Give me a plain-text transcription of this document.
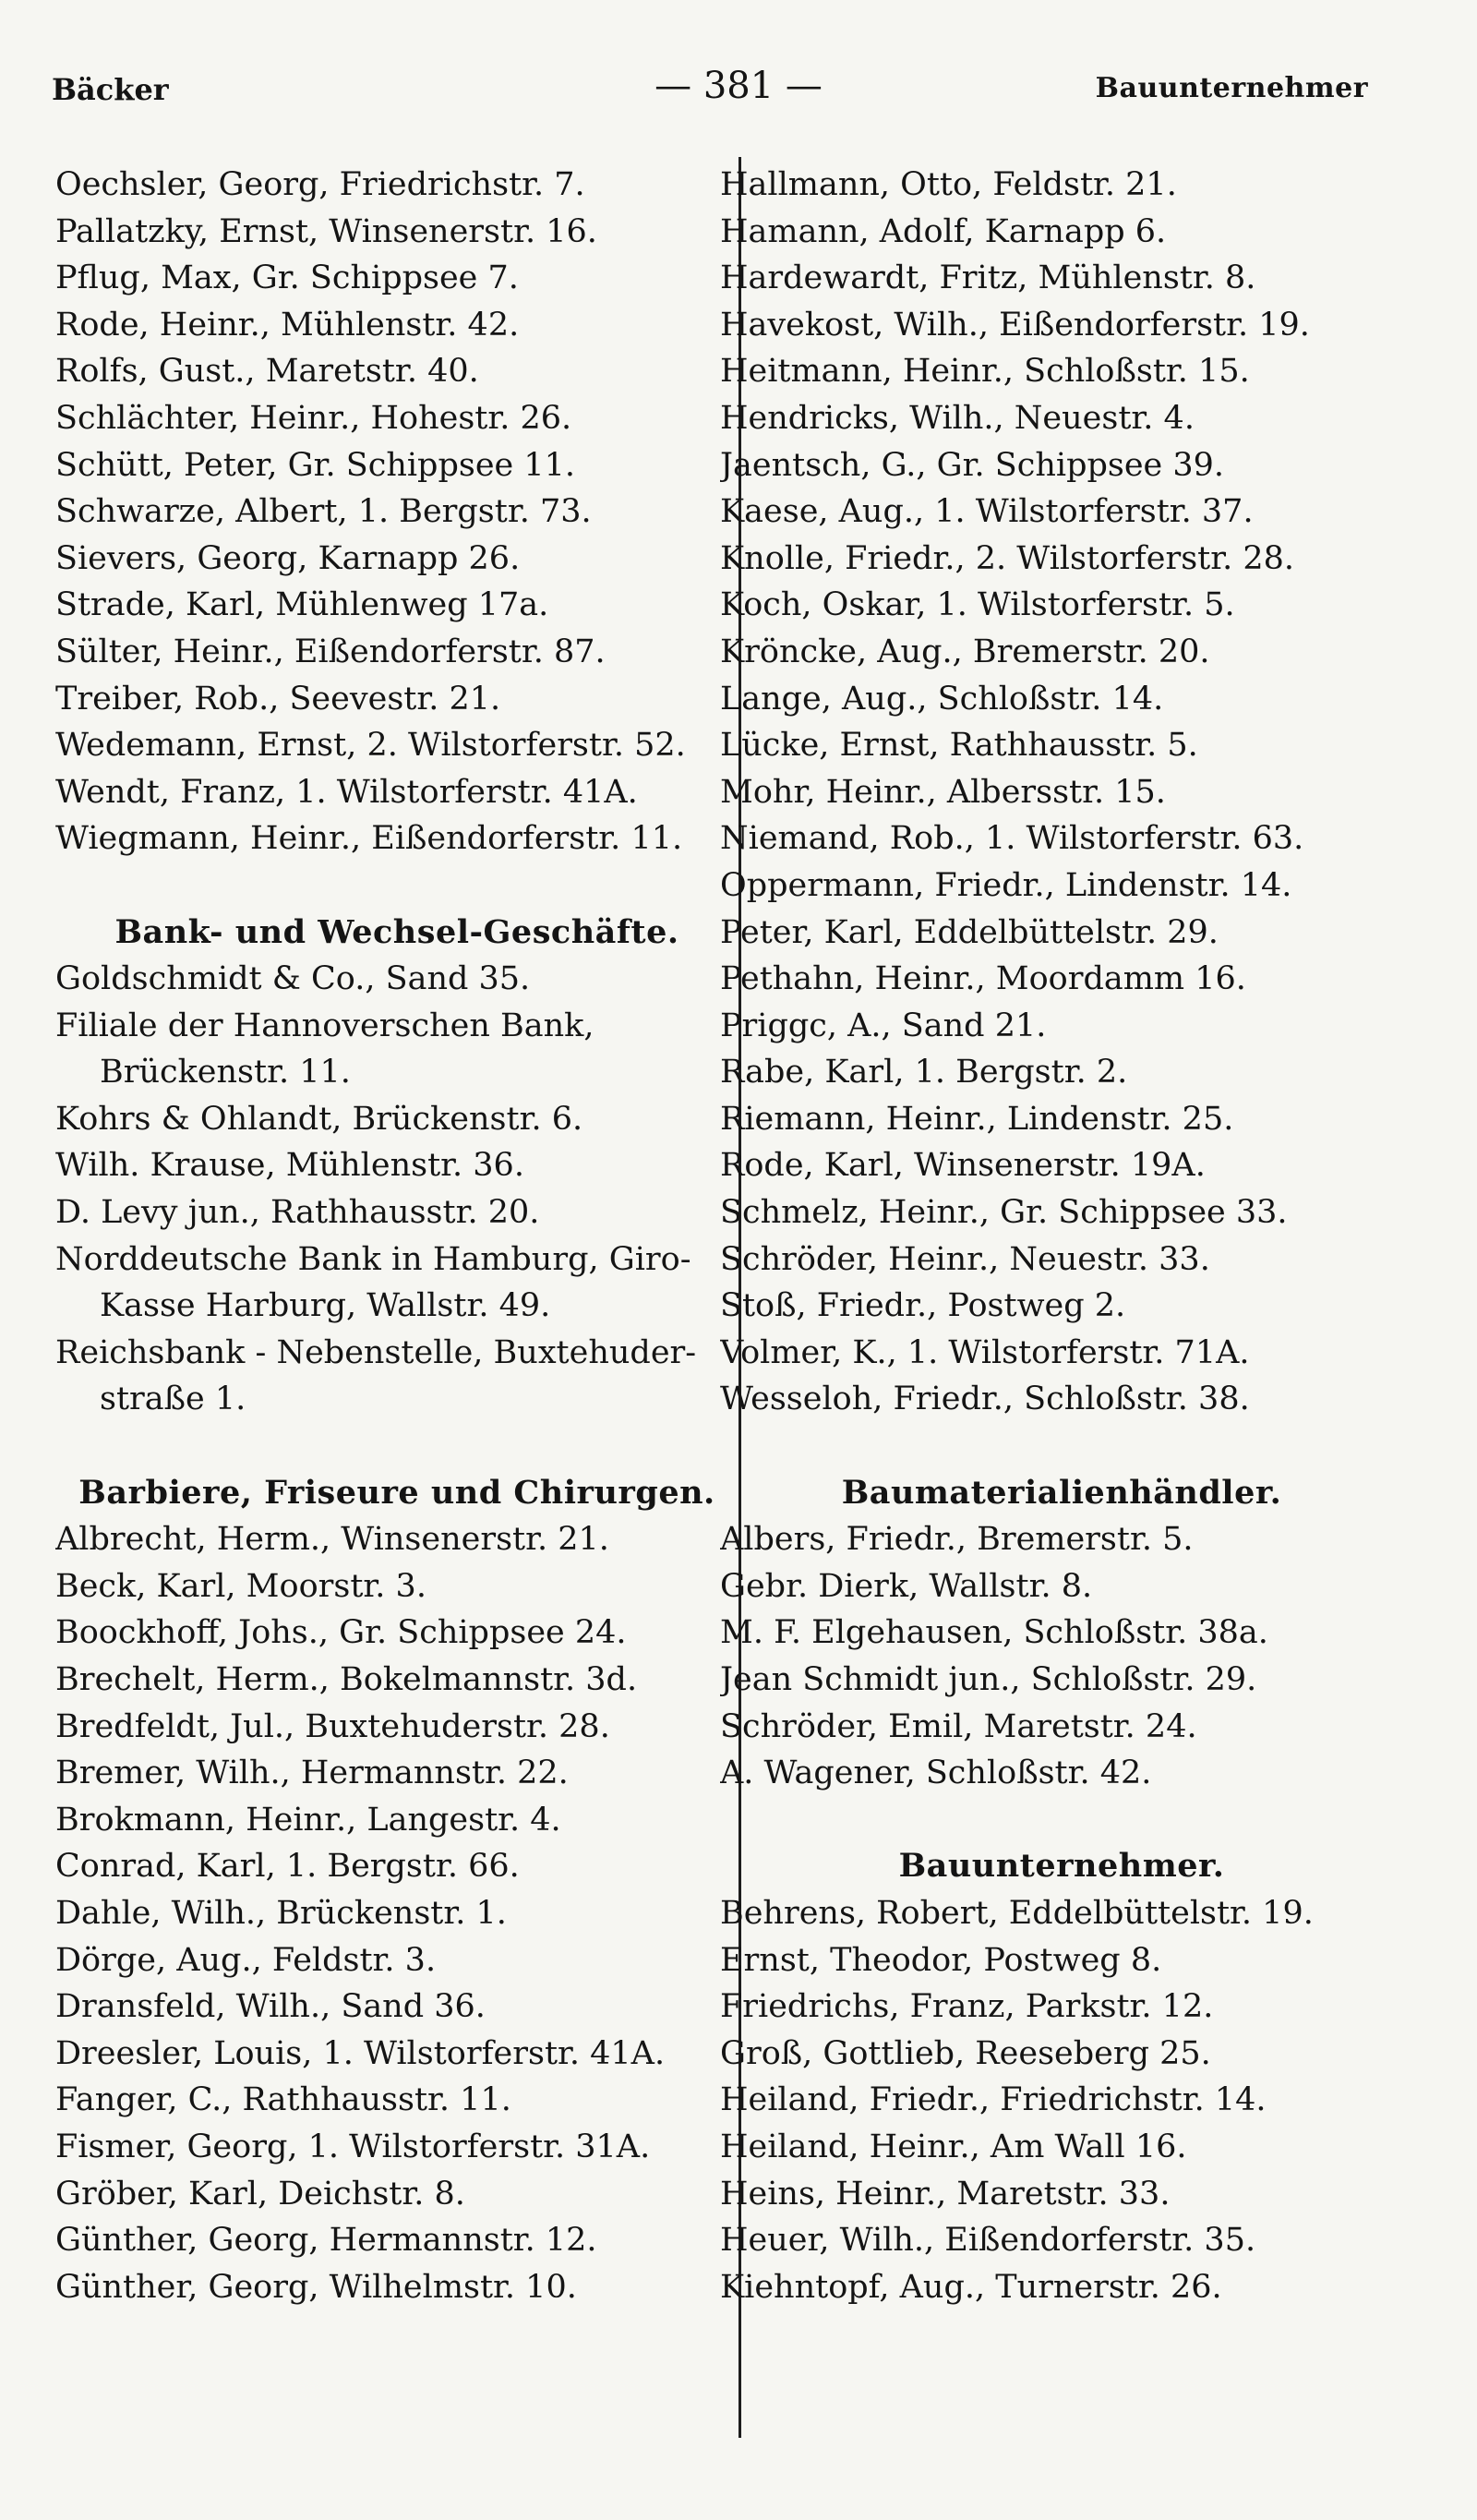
Bäcker	— 381 —	Bauunternehmer
Oechsler, Georg, Friedrichstr. 7.
Pallatzky, Ernst, Winsenerstr. 16.
Pflug, Max, Gr. Schippsee 7.
Rode, Heinr., Mühlenstr. 42.
Rolfs, Gust., Maretstr. 40.
Schlächter, Heinr., Hohestr. 26.
Schütt, Peter, Gr. Schippsee 11.
Schwarze, Albert, 1. Bergstr. 73.
Sievers, Georg, Karnapp 26.
Strade, Karl, Mühlenweg 17a.
Sülter, Heinr., Eißendorferstr. 87.
Treiber, Rob., Seevestr. 21.
Wedemann, Ernst, 2. Wilstorferstr. 52.
Wendt, Franz, 1. Wilstorferstr. 41A.
Wiegmann, Heinr., Eißendorferstr. 11.
Bank- und Wechsel-Geschäfte.
Goldschmidt & Co., Sand 35.
Filiale der Hannoverschen Bank,
Brückenstr. 11.
Kohrs & Ohlandt, Brückenstr. 6.
Wilh. Krause, Mühlenstr. 36.
D. Levy jun., Rathhausstr. 20.
Norddeutsche Bank in Hamburg, Giro-
Kasse Harburg, Wallstr. 49.
Reichsbank - Nebenstelle, Buxtehuder-
straße 1.
Barbiere, Friseure und Chirurgen.
Albrecht, Herm., Winsenerstr. 21.
Beck, Karl, Moorstr. 3.
Boockhoff, Johs., Gr. Schippsee 24.
Brechelt, Herm., Bokelmannstr. 3d.
Bredfeldt, Jul., Buxtehuderstr. 28.
Bremer, Wilh., Hermannstr. 22.
Brokmann, Heinr., Langestr. 4.
Conrad, Karl, 1. Bergstr. 66.
Dahle, Wilh., Brückenstr. 1.
Dörge, Aug., Feldstr. 3.
Dransfeld, Wilh., Sand 36.
Dreesler, Louis, 1. Wilstorferstr. 41A.
Fanger, C., Rathhausstr. 11.
Fismer, Georg, 1. Wilstorferstr. 31A.
Gröber, Karl, Deichstr. 8.
Günther, Georg, Hermannstr. 12.
Günther, Georg, Wilhelmstr. 10.
Hallmann, Otto, Feldstr. 21.
Hamann, Adolf, Karnapp 6.
Hardewardt, Fritz, Mühlenstr. 8.
Havekost, Wilh., Eißendorferstr. 19.
Heitmann, Heinr., Schloßstr. 15.
Hendricks, Wilh., Neuestr. 4.
Jaentsch, G., Gr. Schippsee 39.
Kaese, Aug., 1. Wilstorferstr. 37.
Knolle, Friedr., 2. Wilstorferstr. 28.
Koch, Oskar, 1. Wilstorferstr. 5.
Kröncke, Aug., Bremerstr. 20.
Lange, Aug., Schloßstr. 14.
Lücke, Ernst, Rathhausstr. 5.
Mohr, Heinr., Albersstr. 15.
Niemand, Rob., 1. Wilstorferstr. 63.
Oppermann, Friedr., Lindenstr. 14.
Peter, Karl, Eddelbüttelstr. 29.
Pethahn, Heinr., Moordamm 16.
Priggc, A., Sand 21.
Rabe, Karl, 1. Bergstr. 2.
Riemann, Heinr., Lindenstr. 25.
Rode, Karl, Winsenerstr. 19A.
Schmelz, Heinr., Gr. Schippsee 33.
Schröder, Heinr., Neuestr. 33.
Stoß, Friedr., Postweg 2.
Volmer, K., 1. Wilstorferstr. 71A.
Wesseloh, Friedr., Schloßstr. 38.
Baumaterialienhändler.
Albers, Friedr., Bremerstr. 5.
Gebr. Dierk, Wallstr. 8.
M. F. Elgehausen, Schloßstr. 38a.
Jean Schmidt jun., Schloßstr. 29.
Schröder, Emil, Maretstr. 24.
A. Wagener, Schloßstr. 42.
Bauunternehmer.
Behrens, Robert, Eddelbüttelstr. 19.
Ernst, Theodor, Postweg 8.
Friedrichs, Franz, Parkstr. 12.
Groß, Gottlieb, Reeseberg 25.
Heiland, Friedr., Friedrichstr. 14.
Heiland, Heinr., Am Wall 16.
Heins, Heinr., Maretstr. 33.
Heuer, Wilh., Eißendorferstr. 35.
Kiehntopf, Aug., Turnerstr. 26.
